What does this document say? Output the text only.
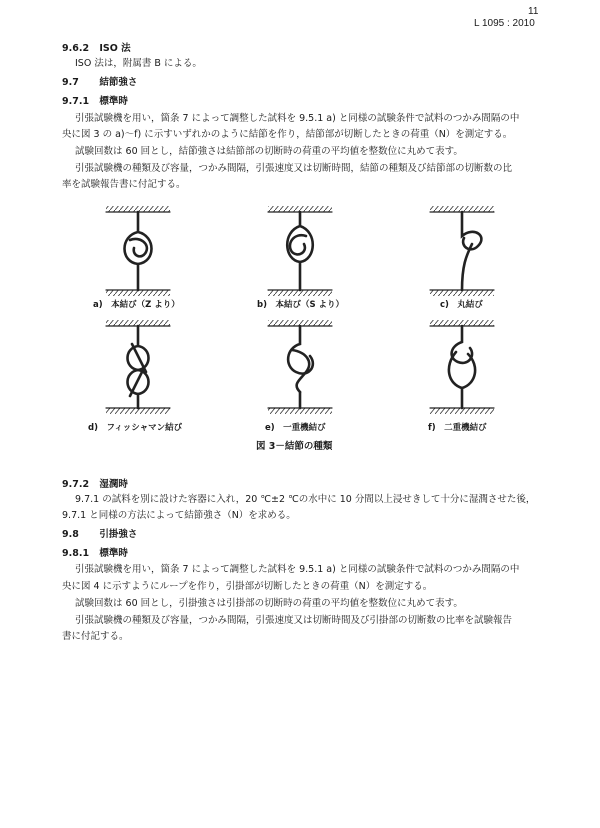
11
L 1095 : 2010
9.6.2 ISO 法
ISO 法は，附属書 B による。
9.7 結節強さ
9.7.1 標準時
引張試験機を用い，箇条 7 によって調整した試料を 9.5.1 a) と同様の試験条件で試料のつかみ間隔の中
央に図 3 の a)〜f) に示すいずれかのように結節を作り，結節部が切断したときの荷重（N）を測定する。
試験回数は 60 回とし，結節強さは結節部の切断時の荷重の平均値を整数位に丸めて表す。
引張試験機の種類及び容量，つかみ間隔，引張速度又は切断時間，結節の種類及び結節部の切断数の比
率を試験報告書に付記する。
a)　本結び（Z より）	b)　本結び（S より）	c)　丸結び
d)　フィッシャマン結び	e)　一重機結び	f)　二重機結び
図 3－結節の種類
9.7.2 湿潤時
9.7.1 の試料を別に設けた容器に入れ，20 ℃±2 ℃の水中に 10 分間以上浸せきして十分に湿潤させた後，
9.7.1 と同様の方法によって結節強さ（N）を求める。
9.8 引掛強さ
9.8.1 標準時
引張試験機を用い，箇条 7 によって調整した試料を 9.5.1 a) と同様の試験条件で試料のつかみ間隔の中
央に図 4 に示すようにループを作り，引掛部が切断したときの荷重（N）を測定する。
試験回数は 60 回とし，引掛強さは引掛部の切断時の荷重の平均値を整数位に丸めて表す。
引張試験機の種類及び容量，つかみ間隔，引張速度又は切断時間及び引掛部の切断数の比率を試験報告
書に付記する。
